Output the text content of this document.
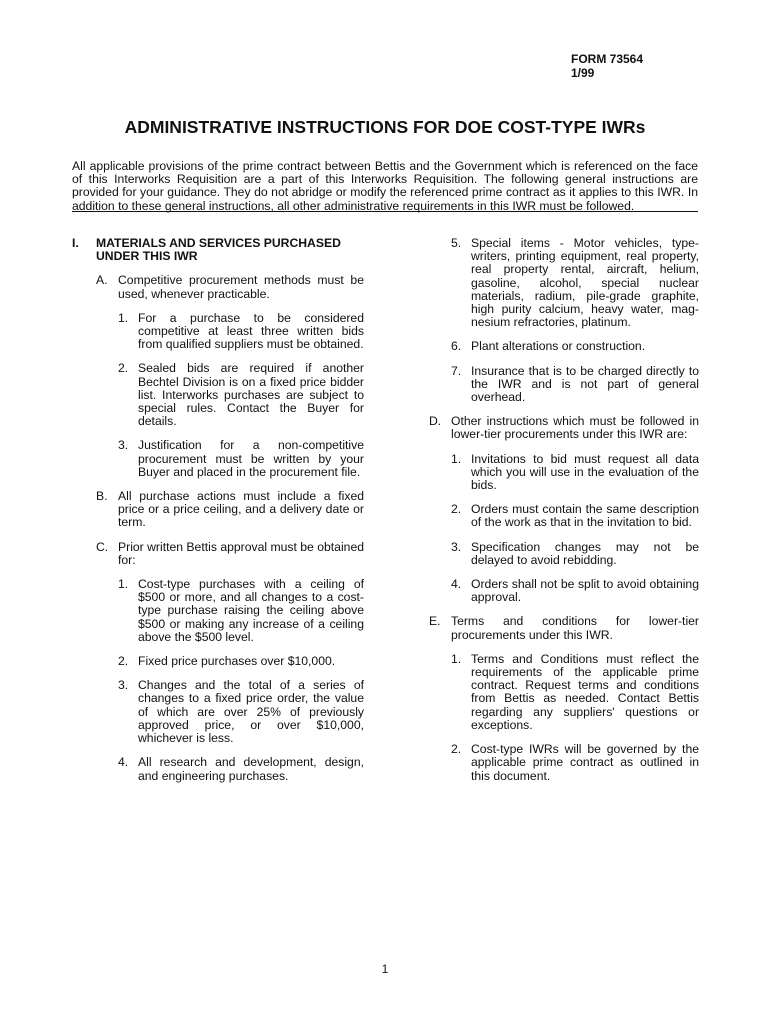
FORM 73564
1/99
ADMINISTRATIVE INSTRUCTIONS FOR DOE COST-TYPE IWRs
All applicable provisions of the prime contract between Bettis and the Government which is referenced on the face of this Interworks Requisition are a part of this Interworks Requisition. The following general instructions are provided for your guidance. They do not abridge or modify the referenced prime contract as it applies to this IWR. In addition to these general instructions, all other administrative requirements in this IWR must be followed.
I.	MATERIALS AND SERVICES PURCHASED UNDER THIS IWR
A. Competitive procurement methods must be used, whenever practicable.
1. For a purchase to be considered competitive at least three written bids from qualified suppliers must be obtained.
2. Sealed bids are required if another Bechtel Division is on a fixed price bidder list. Interworks purchases are subject to special rules. Contact the Buyer for details.
3. Justification for a non-competitive procurement must be written by your Buyer and placed in the procurement file.
B. All purchase actions must include a fixed price or a price ceiling, and a delivery date or term.
C. Prior written Bettis approval must be obtained for:
1. Cost-type purchases with a ceiling of $500 or more, and all changes to a cost-type purchase raising the ceiling above $500 or making any increase of a ceiling above the $500 level.
2. Fixed price purchases over $10,000.
3. Changes and the total of a series of changes to a fixed price order, the value of which are over 25% of previously approved price, or over $10,000, whichever is less.
4. All research and development, design, and engineering purchases.
5. Special items - Motor vehicles, type-writers, printing equipment, real property, real property rental, aircraft, helium, gasoline, alcohol, special nuclear materials, radium, pile-grade graphite, high purity calcium, heavy water, mag-nesium refractories, platinum.
6. Plant alterations or construction.
7. Insurance that is to be charged directly to the IWR and is not part of general overhead.
D. Other instructions which must be followed in lower-tier procurements under this IWR are:
1. Invitations to bid must request all data which you will use in the evaluation of the bids.
2. Orders must contain the same description of the work as that in the invitation to bid.
3. Specification changes may not be delayed to avoid rebidding.
4. Orders shall not be split to avoid obtaining approval.
E. Terms and conditions for lower-tier procurements under this IWR.
1. Terms and Conditions must reflect the requirements of the applicable prime contract. Request terms and conditions from Bettis as needed. Contact Bettis regarding any suppliers' questions or exceptions.
2. Cost-type IWRs will be governed by the applicable prime contract as outlined in this document.
1
